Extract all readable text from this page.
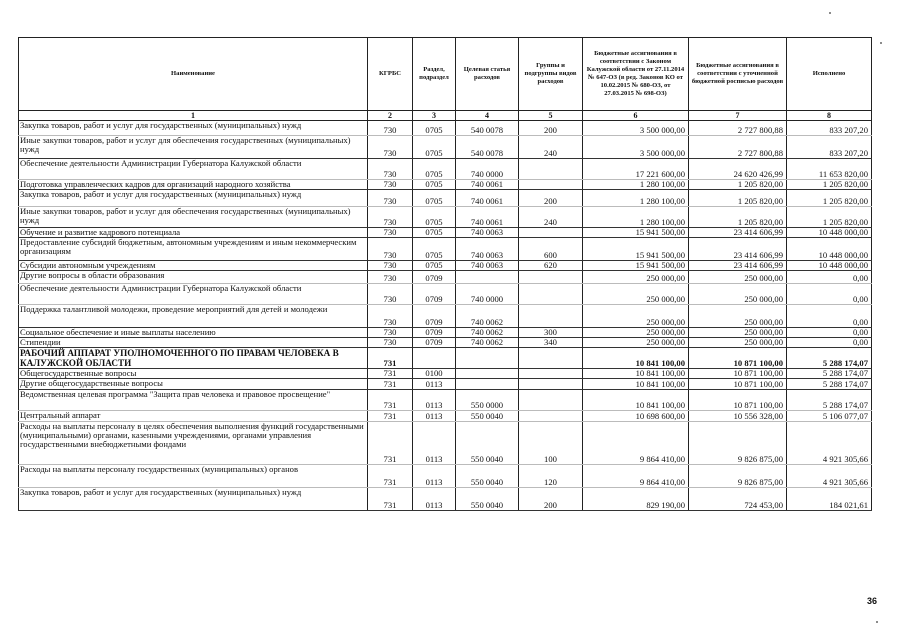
Наименование	КГРБС	Раздел, подраздел	Целевая статья расходов	Группы и подгруппы видов расходов	Бюджетные ассигнования в соответствии с Законом Калужской области от 27.11.2014 № 647-ОЗ (в ред. Законов КО от 10.02.2015 № 680-ОЗ, от 27.03.2015 № 698-ОЗ)	Бюджетные ассигнования в соответствии с уточненной бюджетной росписью расходов	Исполнено
1	2	3	4	5	6	7	8
Закупка товаров, работ и услуг для государственных (муниципальных) нужд	730	0705	540 0078	200	3 500 000,00	2 727 800,88	833 207,20
Иные закупки товаров, работ и услуг для обеспечения государственных (муниципальных) нужд	730	0705	540 0078	240	3 500 000,00	2 727 800,88	833 207,20
Обеспечение деятельности Администрации Губернатора Калужской области	730	0705	740 0000		17 221 600,00	24 620 426,99	11 653 820,00
Подготовка управленческих кадров для организаций народного хозяйства	730	0705	740 0061		1 280 100,00	1 205 820,00	1 205 820,00
Закупка товаров, работ и услуг для государственных (муниципальных) нужд	730	0705	740 0061	200	1 280 100,00	1 205 820,00	1 205 820,00
Иные закупки товаров, работ и услуг для обеспечения государственных (муниципальных) нужд	730	0705	740 0061	240	1 280 100,00	1 205 820,00	1 205 820,00
Обучение и развитие кадрового потенциала	730	0705	740 0063		15 941 500,00	23 414 606,99	10 448 000,00
Предоставление субсидий бюджетным, автономным учреждениям и иным некоммерческим организациям	730	0705	740 0063	600	15 941 500,00	23 414 606,99	10 448 000,00
Субсидии автономным учреждениям	730	0705	740 0063	620	15 941 500,00	23 414 606,99	10 448 000,00
Другие вопросы в области образования	730	0709			250 000,00	250 000,00	0,00
Обеспечение деятельности Администрации Губернатора Калужской области	730	0709	740 0000		250 000,00	250 000,00	0,00
Поддержка талантливой молодежи, проведение мероприятий для детей и молодежи	730	0709	740 0062		250 000,00	250 000,00	0,00
Социальное обеспечение и иные выплаты населению	730	0709	740 0062	300	250 000,00	250 000,00	0,00
Стипендии	730	0709	740 0062	340	250 000,00	250 000,00	0,00
РАБОЧИЙ АППАРАТ УПОЛНОМОЧЕННОГО ПО ПРАВАМ ЧЕЛОВЕКА В КАЛУЖСКОЙ ОБЛАСТИ	731				10 841 100,00	10 871 100,00	5 288 174,07
Общегосударственные вопросы	731	0100			10 841 100,00	10 871 100,00	5 288 174,07
Другие общегосударственные вопросы	731	0113			10 841 100,00	10 871 100,00	5 288 174,07
Ведомственная целевая программа "Защита прав человека и правовое просвещение"	731	0113	550 0000		10 841 100,00	10 871 100,00	5 288 174,07
Центральный аппарат	731	0113	550 0040		10 698 600,00	10 556 328,00	5 106 077,07
Расходы на выплаты персоналу в целях обеспечения выполнения функций государственными (муниципальными) органами, казенными учреждениями, органами управления государственными внебюджетными фондами	731	0113	550 0040	100	9 864 410,00	9 826 875,00	4 921 305,66
Расходы на выплаты персоналу государственных (муниципальных) органов	731	0113	550 0040	120	9 864 410,00	9 826 875,00	4 921 305,66
Закупка товаров, работ и услуг для государственных (муниципальных) нужд	731	0113	550 0040	200	829 190,00	724 453,00	184 021,61
36
